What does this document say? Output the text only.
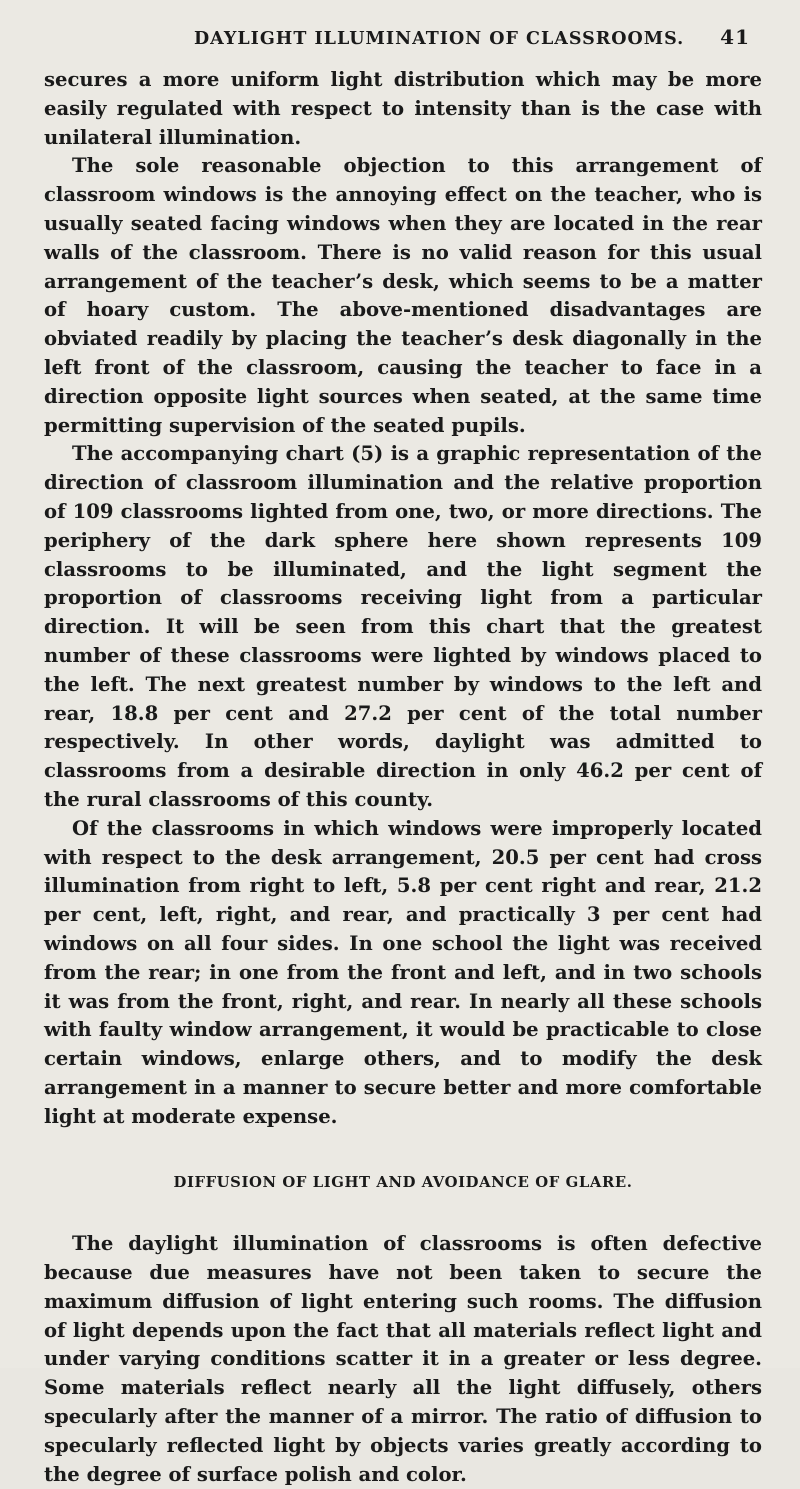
DAYLIGHT ILLUMINATION OF CLASSROOMS. 41

secures a more uniform light distribution which may be more easily regulated with respect to intensity than is the case with unilateral illumination.

The sole reasonable objection to this arrangement of classroom windows is the annoying effect on the teacher, who is usually seated facing windows when they are located in the rear walls of the classroom. There is no valid reason for this usual arrangement of the teacher’s desk, which seems to be a matter of hoary custom. The above-mentioned disadvantages are obviated readily by placing the teacher’s desk diagonally in the left front of the classroom, causing the teacher to face in a direction opposite light sources when seated, at the same time permitting supervision of the seated pupils.

The accompanying chart (5) is a graphic representation of the direction of classroom illumination and the relative proportion of 109 classrooms lighted from one, two, or more directions. The periphery of the dark sphere here shown represents 109 classrooms to be illuminated, and the light segment the proportion of classrooms receiving light from a particular direction. It will be seen from this chart that the greatest number of these classrooms were lighted by windows placed to the left. The next greatest number by windows to the left and rear, 18.8 per cent and 27.2 per cent of the total number respectively. In other words, daylight was admitted to classrooms from a desirable direction in only 46.2 per cent of the rural classrooms of this county.

Of the classrooms in which windows were improperly located with respect to the desk arrangement, 20.5 per cent had cross illumination from right to left, 5.8 per cent right and rear, 21.2 per cent, left, right, and rear, and practically 3 per cent had windows on all four sides. In one school the light was received from the rear; in one from the front and left, and in two schools it was from the front, right, and rear. In nearly all these schools with faulty window arrangement, it would be practicable to close certain windows, enlarge others, and to modify the desk arrangement in a manner to secure better and more comfortable light at moderate expense.

DIFFUSION OF LIGHT AND AVOIDANCE OF GLARE.

The daylight illumination of classrooms is often defective because due measures have not been taken to secure the maximum diffusion of light entering such rooms. The diffusion of light depends upon the fact that all materials reflect light and under varying conditions scatter it in a greater or less degree. Some materials reflect nearly all the light diffusely, others specularly after the manner of a mirror. The ratio of diffusion to specularly reflected light by objects varies greatly according to the degree of surface polish and color.
